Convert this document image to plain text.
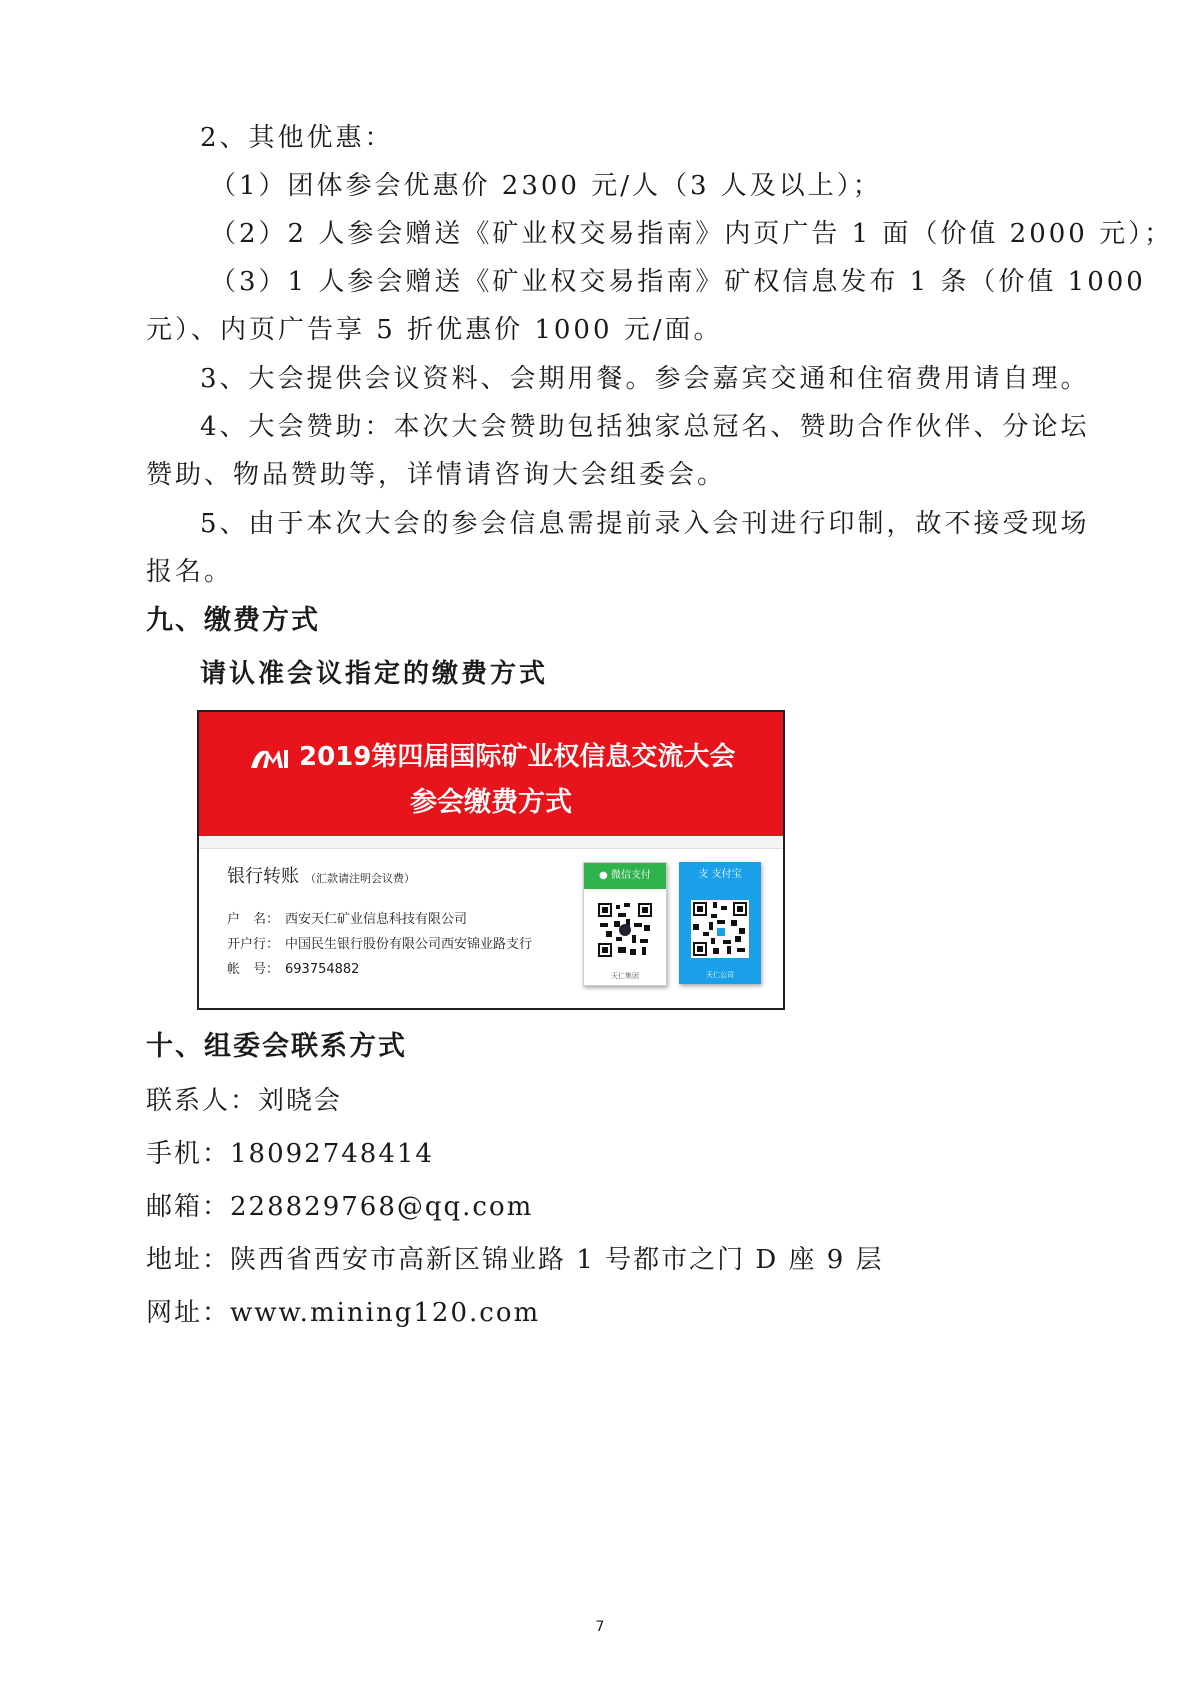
2、其他优惠：
（1）团体参会优惠价 2300 元/人（3 人及以上）；
（2）2 人参会赠送《矿业权交易指南》内页广告 1 面（价值 2000 元）；
（3）1 人参会赠送《矿业权交易指南》矿权信息发布 1 条（价值 1000
元）、内页广告享 5 折优惠价 1000 元/面。
3、大会提供会议资料、会期用餐。参会嘉宾交通和住宿费用请自理。
4、大会赞助：本次大会赞助包括独家总冠名、赞助合作伙伴、分论坛
赞助、物品赞助等，详情请咨询大会组委会。
5、由于本次大会的参会信息需提前录入会刊进行印制，故不接受现场
报名。
九、缴费方式
请认准会议指定的缴费方式
2019第四届国际矿业权信息交流大会
参会缴费方式
银行转账 （汇款请注明会议费）
户　名： 西安天仁矿业信息科技有限公司
开户行： 中国民生银行股份有限公司西安锦业路支行
帐　号： 693754882
● 微信支付
天仁集团
支 支付宝
天仁公司
十、组委会联系方式
联系人：刘晓会
手机：18092748414
邮箱：228829768@qq.com
地址：陕西省西安市高新区锦业路 1 号都市之门 D 座 9 层
网址：www.mining120.com
7
